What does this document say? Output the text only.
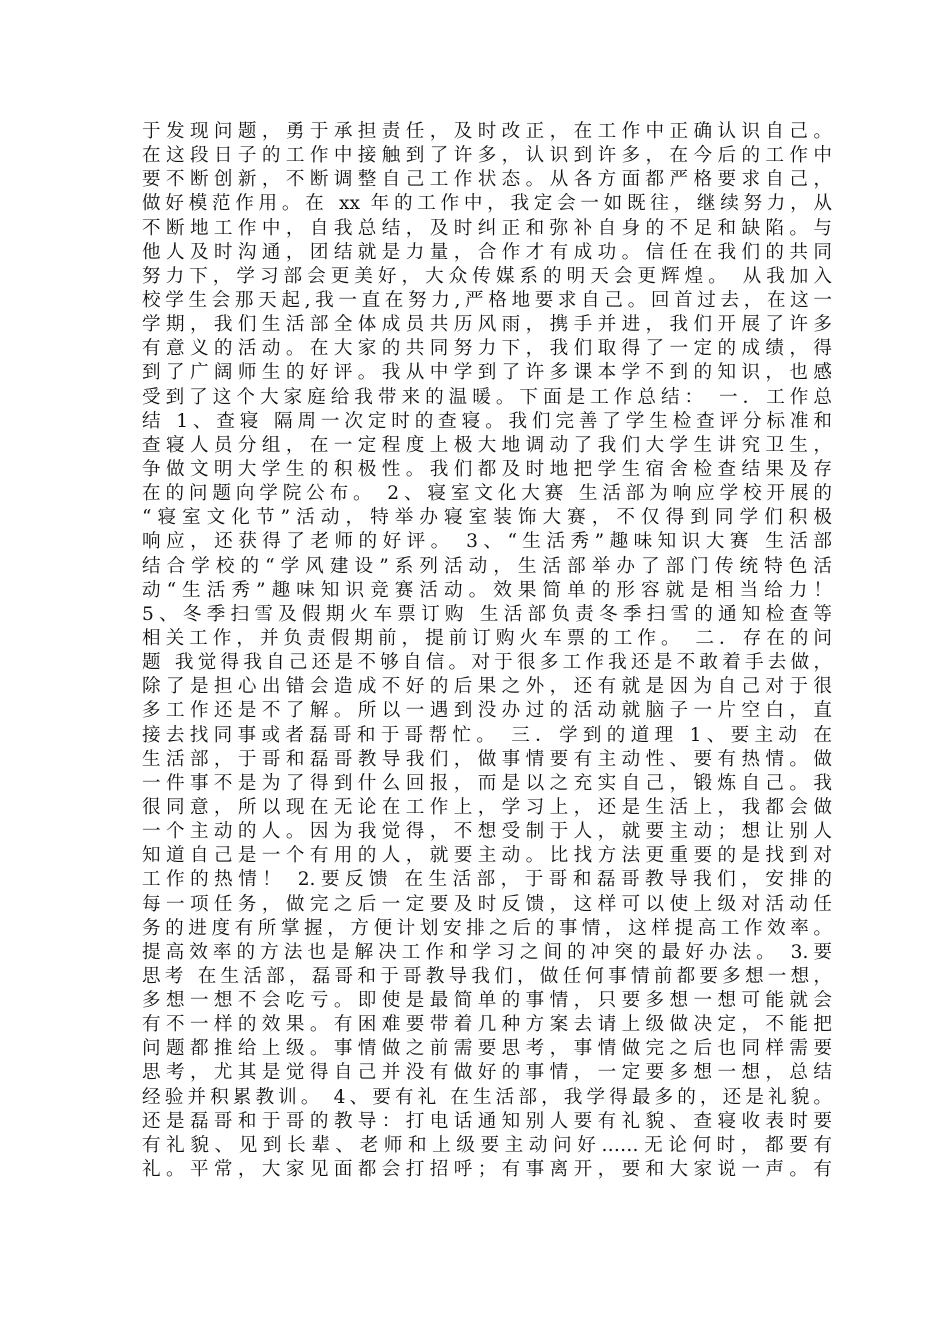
于发现问题，勇于承担责任，及时改正，在工作中正确认识自己。
在这段日子的工作中接触到了许多，认识到许多，在今后的工作中
要不断创新，不断调整自己工作状态。从各方面都严格要求自己，
做好模范作用。在 xx 年的工作中，我定会一如既往，继续努力，从
不断地工作中，自我总结，及时纠正和弥补自身的不足和缺陷。与
他人及时沟通，团结就是力量，合作才有成功。信任在我们的共同
努力下，学习部会更美好，大众传媒系的明天会更辉煌。 从我加入
校学生会那天起,我一直在努力,严格地要求自己。回首过去，在这一
学期，我们生活部全体成员共历风雨，携手并进，我们开展了许多
有意义的活动。在大家的共同努力下，我们取得了一定的成绩，得
到了广阔师生的好评。我从中学到了许多课本学不到的知识，也感
受到了这个大家庭给我带来的温暖。下面是工作总结： 一．工作总
结 1、查寝 隔周一次定时的查寝。我们完善了学生检查评分标准和
查寝人员分组，在一定程度上极大地调动了我们大学生讲究卫生，
争做文明大学生的积极性。我们都及时地把学生宿舍检查结果及存
在的问题向学院公布。 2、寝室文化大赛 生活部为响应学校开展的
“寝室文化节”活动，特举办寝室装饰大赛，不仅得到同学们积极
响应，还获得了老师的好评。 3、“生活秀”趣味知识大赛 生活部
结合学校的“学风建设”系列活动，生活部举办了部门传统特色活
动“生活秀”趣味知识竞赛活动。效果简单的形容就是相当给力！
5、冬季扫雪及假期火车票订购 生活部负责冬季扫雪的通知检查等
相关工作，并负责假期前，提前订购火车票的工作。 二．存在的问
题 我觉得我自己还是不够自信。对于很多工作我还是不敢着手去做，
除了是担心出错会造成不好的后果之外，还有就是因为自己对于很
多工作还是不了解。所以一遇到没办过的活动就脑子一片空白，直
接去找同事或者磊哥和于哥帮忙。 三．学到的道理 1、要主动 在
生活部，于哥和磊哥教导我们，做事情要有主动性、要有热情。做
一件事不是为了得到什么回报，而是以之充实自己，锻炼自己。我
很同意，所以现在无论在工作上，学习上，还是生活上，我都会做
一个主动的人。因为我觉得，不想受制于人，就要主动；想让别人
知道自己是一个有用的人，就要主动。比找方法更重要的是找到对
工作的热情！ 2.要反馈 在生活部，于哥和磊哥教导我们，安排的
每一项任务，做完之后一定要及时反馈，这样可以使上级对活动任
务的进度有所掌握，方便计划安排之后的事情，这样提高工作效率。
提高效率的方法也是解决工作和学习之间的冲突的最好办法。 3.要
思考 在生活部，磊哥和于哥教导我们，做任何事情前都要多想一想，
多想一想不会吃亏。即使是最简单的事情，只要多想一想可能就会
有不一样的效果。有困难要带着几种方案去请上级做决定，不能把
问题都推给上级。事情做之前需要思考，事情做完之后也同样需要
思考，尤其是觉得自己并没有做好的事情，一定要多想一想，总结
经验并积累教训。 4、要有礼 在生活部，我学得最多的，还是礼貌。
还是磊哥和于哥的教导：打电话通知别人要有礼貌、查寝收表时要
有礼貌、见到长辈、老师和上级要主动问好……无论何时，都要有
礼。平常，大家见面都会打招呼；有事离开，要和大家说一声。有
